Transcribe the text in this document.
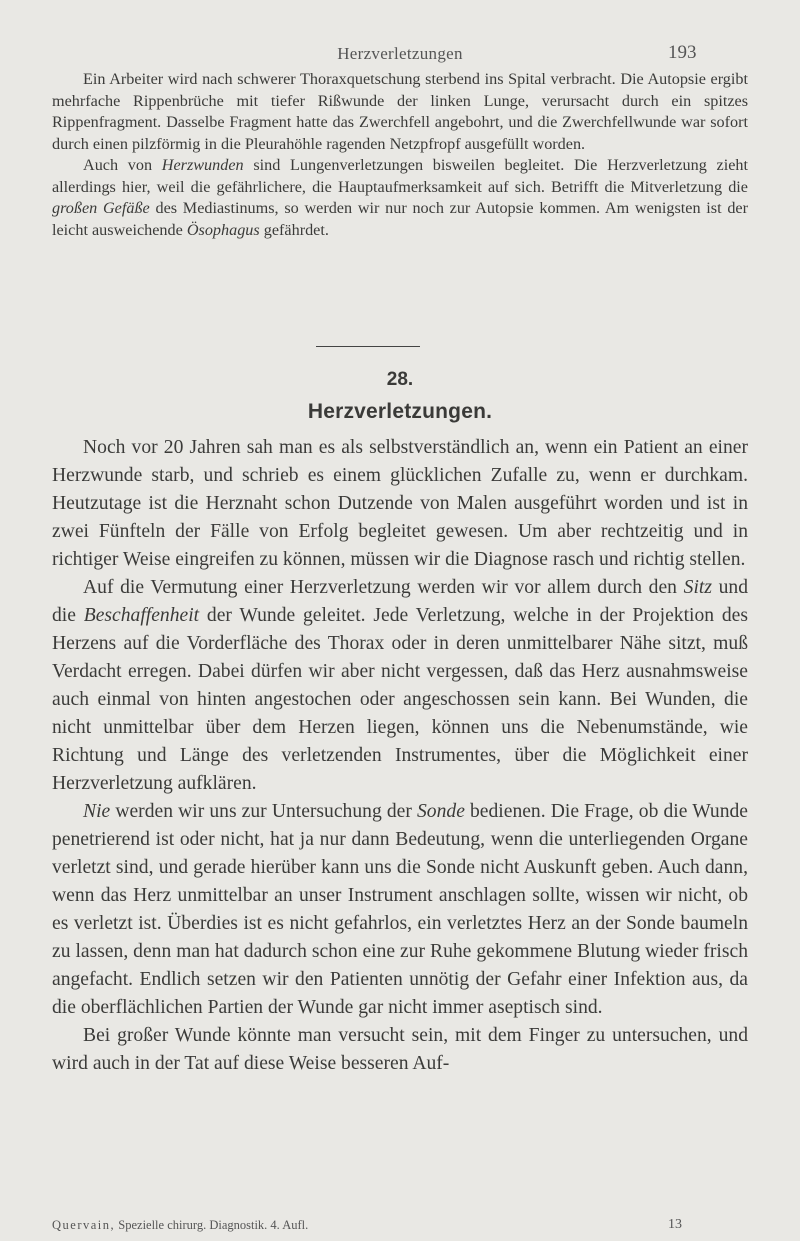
Herzverletzungen	193

Ein Arbeiter wird nach schwerer Thoraxquetschung sterbend ins Spital verbracht. Die Autopsie ergibt mehrfache Rippenbrüche mit tiefer Rißwunde der linken Lunge, verursacht durch ein spitzes Rippenfragment. Dasselbe Fragment hatte das Zwerchfell angebohrt, und die Zwerchfellwunde war sofort durch einen pilzförmig in die Pleurahöhle ragenden Netzpfropf ausgefüllt worden.

Auch von Herzwunden sind Lungenverletzungen bisweilen begleitet. Die Herzverletzung zieht allerdings hier, weil die gefährlichere, die Hauptaufmerksamkeit auf sich. Betrifft die Mitverletzung die großen Gefäße des Mediastinums, so werden wir nur noch zur Autopsie kommen. Am wenigsten ist der leicht ausweichende Ösophagus gefährdet.

28.
Herzverletzungen.

Noch vor 20 Jahren sah man es als selbstverständlich an, wenn ein Patient an einer Herzwunde starb, und schrieb es einem glücklichen Zufalle zu, wenn er durchkam. Heutzutage ist die Herznaht schon Dutzende von Malen ausgeführt worden und ist in zwei Fünfteln der Fälle von Erfolg begleitet gewesen. Um aber rechtzeitig und in richtiger Weise eingreifen zu können, müssen wir die Diagnose rasch und richtig stellen.

Auf die Vermutung einer Herzverletzung werden wir vor allem durch den Sitz und die Beschaffenheit der Wunde geleitet. Jede Verletzung, welche in der Projektion des Herzens auf die Vorderfläche des Thorax oder in deren unmittelbarer Nähe sitzt, muß Verdacht erregen. Dabei dürfen wir aber nicht vergessen, daß das Herz ausnahmsweise auch einmal von hinten angestochen oder angeschossen sein kann. Bei Wunden, die nicht unmittelbar über dem Herzen liegen, können uns die Nebenumstände, wie Richtung und Länge des verletzenden Instrumentes, über die Möglichkeit einer Herzverletzung aufklären.

Nie werden wir uns zur Untersuchung der Sonde bedienen. Die Frage, ob die Wunde penetrierend ist oder nicht, hat ja nur dann Bedeutung, wenn die unterliegenden Organe verletzt sind, und gerade hierüber kann uns die Sonde nicht Auskunft geben. Auch dann, wenn das Herz unmittelbar an unser Instrument anschlagen sollte, wissen wir nicht, ob es verletzt ist. Überdies ist es nicht gefahrlos, ein verletztes Herz an der Sonde baumeln zu lassen, denn man hat dadurch schon eine zur Ruhe gekommene Blutung wieder frisch angefacht. Endlich setzen wir den Patienten unnötig der Gefahr einer Infektion aus, da die oberflächlichen Partien der Wunde gar nicht immer aseptisch sind.

Bei großer Wunde könnte man versucht sein, mit dem Finger zu untersuchen, und wird auch in der Tat auf diese Weise besseren Auf-

Quervain, Spezielle chirurg. Diagnostik. 4. Aufl.	13
